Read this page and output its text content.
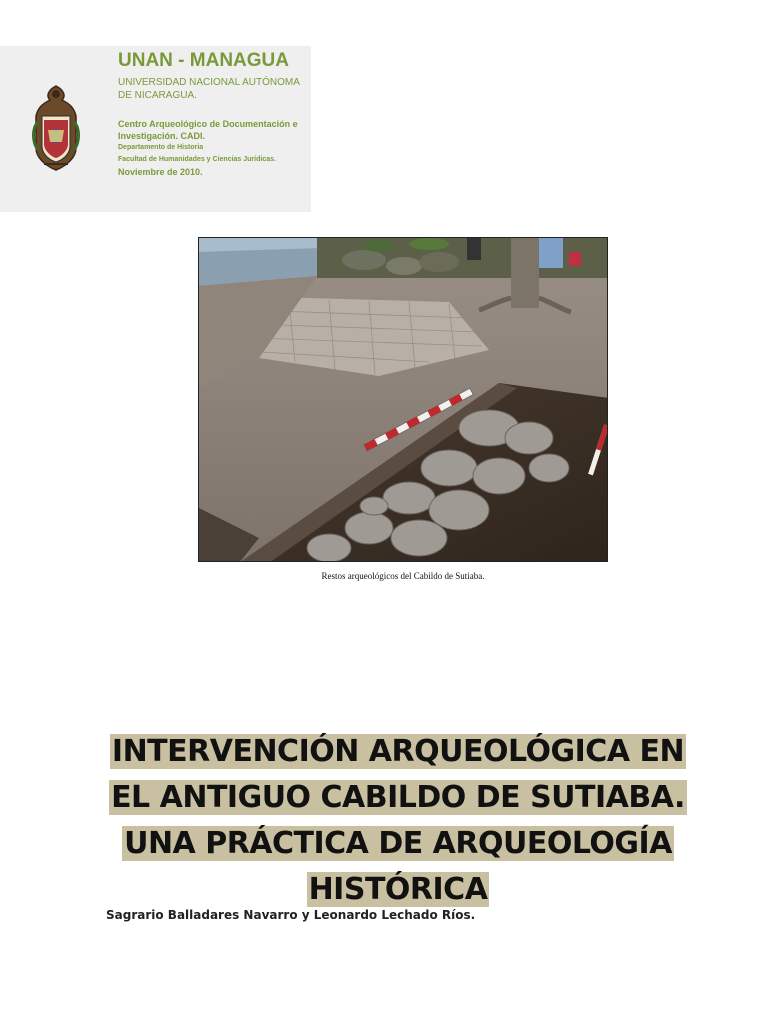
UNAN - MANAGUA
UNIVERSIDAD NACIONAL AUTÓNOMA DE NICARAGUA.
Centro Arqueológico de Documentación e Investigación. CADI.
Departamento de Historia
Facultad de Humanidades y Ciencias Jurídicas.
Noviembre de 2010.
Restos arqueológicos del Cabildo de Sutiaba.
INTERVENCIÓN ARQUEOLÓGICA EN EL ANTIGUO CABILDO DE SUTIABA. UNA PRÁCTICA DE ARQUEOLOGÍA HISTÓRICA

Sagrario Balladares Navarro y Leonardo Lechado Ríos.
